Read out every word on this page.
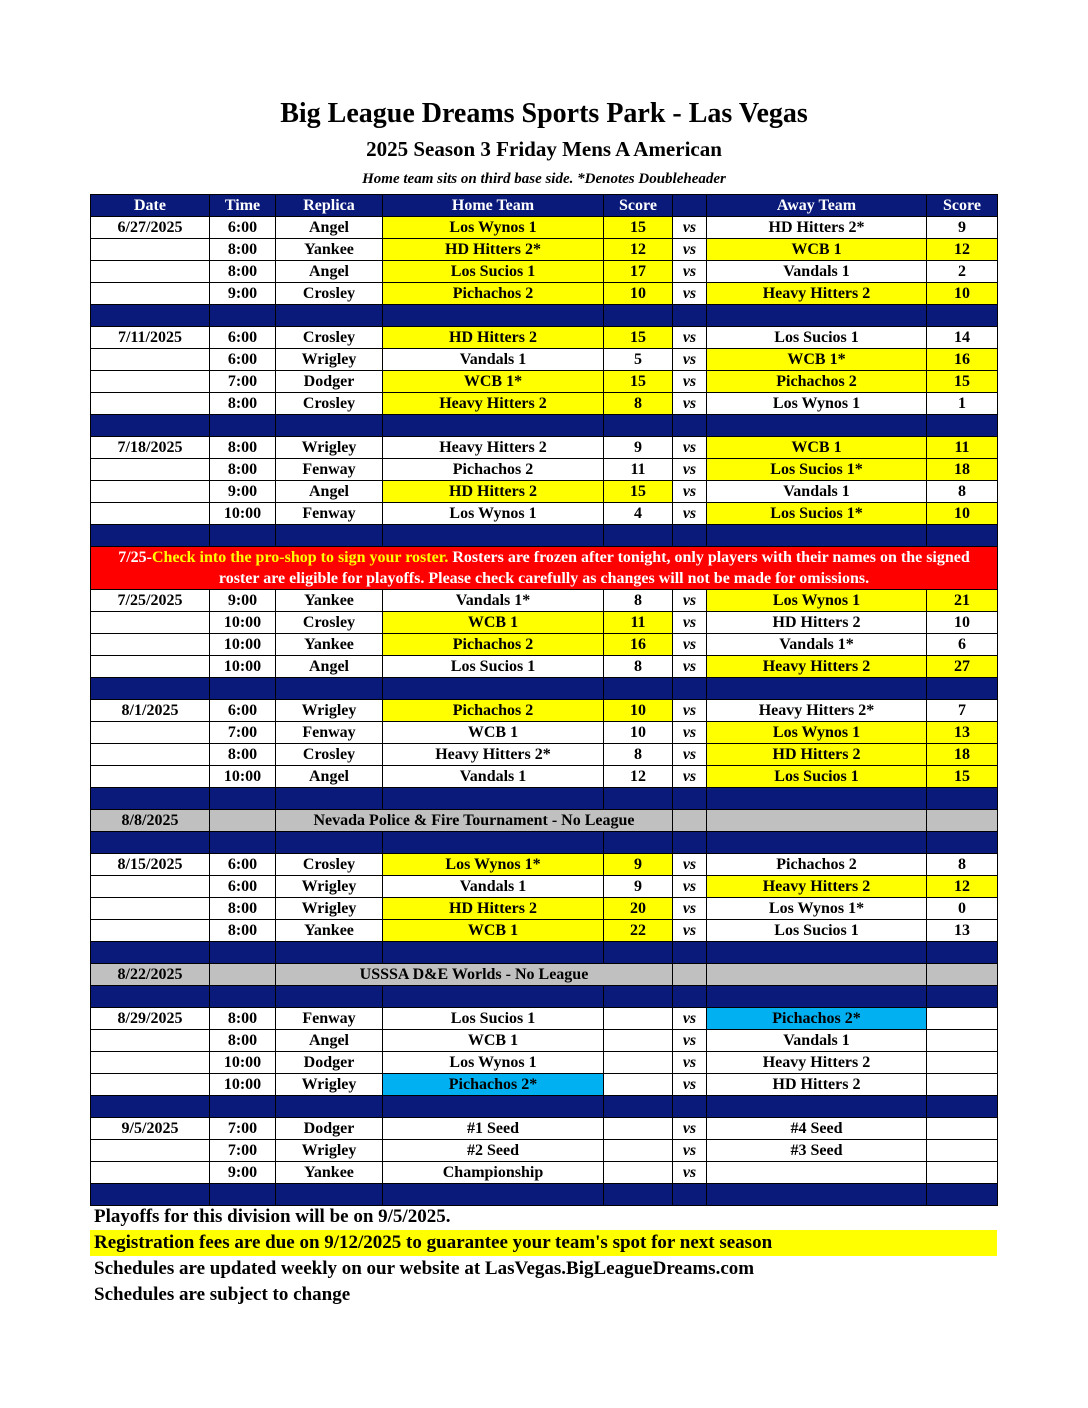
Big League Dreams Sports Park - Las Vegas
2025 Season 3 Friday Mens A American
Home team sits on third base side. *Denotes Doubleheader
Date	Time	Replica	Home Team	Score		Away Team	Score
6/27/2025	6:00	Angel	Los Wynos 1	15	vs	HD Hitters 2*	9
	8:00	Yankee	HD Hitters 2*	12	vs	WCB 1	12
	8:00	Angel	Los Sucios 1	17	vs	Vandals 1	2
	9:00	Crosley	Pichachos 2	10	vs	Heavy Hitters 2	10

7/11/2025	6:00	Crosley	HD Hitters 2	15	vs	Los Sucios 1	14
	6:00	Wrigley	Vandals 1	5	vs	WCB 1*	16
	7:00	Dodger	WCB 1*	15	vs	Pichachos 2	15
	8:00	Crosley	Heavy Hitters 2	8	vs	Los Wynos 1	1

7/18/2025	8:00	Wrigley	Heavy Hitters 2	9	vs	WCB 1	11
	8:00	Fenway	Pichachos 2	11	vs	Los Sucios 1*	18
	9:00	Angel	HD Hitters 2	15	vs	Vandals 1	8
	10:00	Fenway	Los Wynos 1	4	vs	Los Sucios 1*	10

7/25-Check into the pro-shop to sign your roster. Rosters are frozen after tonight, only players with their names on the signed roster are eligible for playoffs. Please check carefully as changes will not be made for omissions.							
7/25/2025	9:00	Yankee	Vandals 1*	8	vs	Los Wynos 1	21
	10:00	Crosley	WCB 1	11	vs	HD Hitters 2	10
	10:00	Yankee	Pichachos 2	16	vs	Vandals 1*	6
	10:00	Angel	Los Sucios 1	8	vs	Heavy Hitters 2	27

8/1/2025	6:00	Wrigley	Pichachos 2	10	vs	Heavy Hitters 2*	7
	7:00	Fenway	WCB 1	10	vs	Los Wynos 1	13
	8:00	Crosley	Heavy Hitters 2*	8	vs	HD Hitters 2	18
	10:00	Angel	Vandals 1	12	vs	Los Sucios 1	15

8/8/2025		Nevada Police & Fire Tournament - No League					

8/15/2025	6:00	Crosley	Los Wynos 1*	9	vs	Pichachos 2	8
	6:00	Wrigley	Vandals 1	9	vs	Heavy Hitters 2	12
	8:00	Wrigley	HD Hitters 2	20	vs	Los Wynos 1*	0
	8:00	Yankee	WCB 1	22	vs	Los Sucios 1	13

8/22/2025		USSSA D&E Worlds - No League					

8/29/2025	8:00	Fenway	Los Sucios 1		vs	Pichachos 2*	
	8:00	Angel	WCB 1		vs	Vandals 1	
	10:00	Dodger	Los Wynos 1		vs	Heavy Hitters 2	
	10:00	Wrigley	Pichachos 2*		vs	HD Hitters 2	

9/5/2025	7:00	Dodger	#1 Seed		vs	#4 Seed	
	7:00	Wrigley	#2 Seed		vs	#3 Seed	
	9:00	Yankee	Championship		vs		

Playoffs for this division will be on 9/5/2025.
Registration fees are due on 9/12/2025 to guarantee your team's spot for next season
Schedules are updated weekly on our website at LasVegas.BigLeagueDreams.com
Schedules are subject to change
